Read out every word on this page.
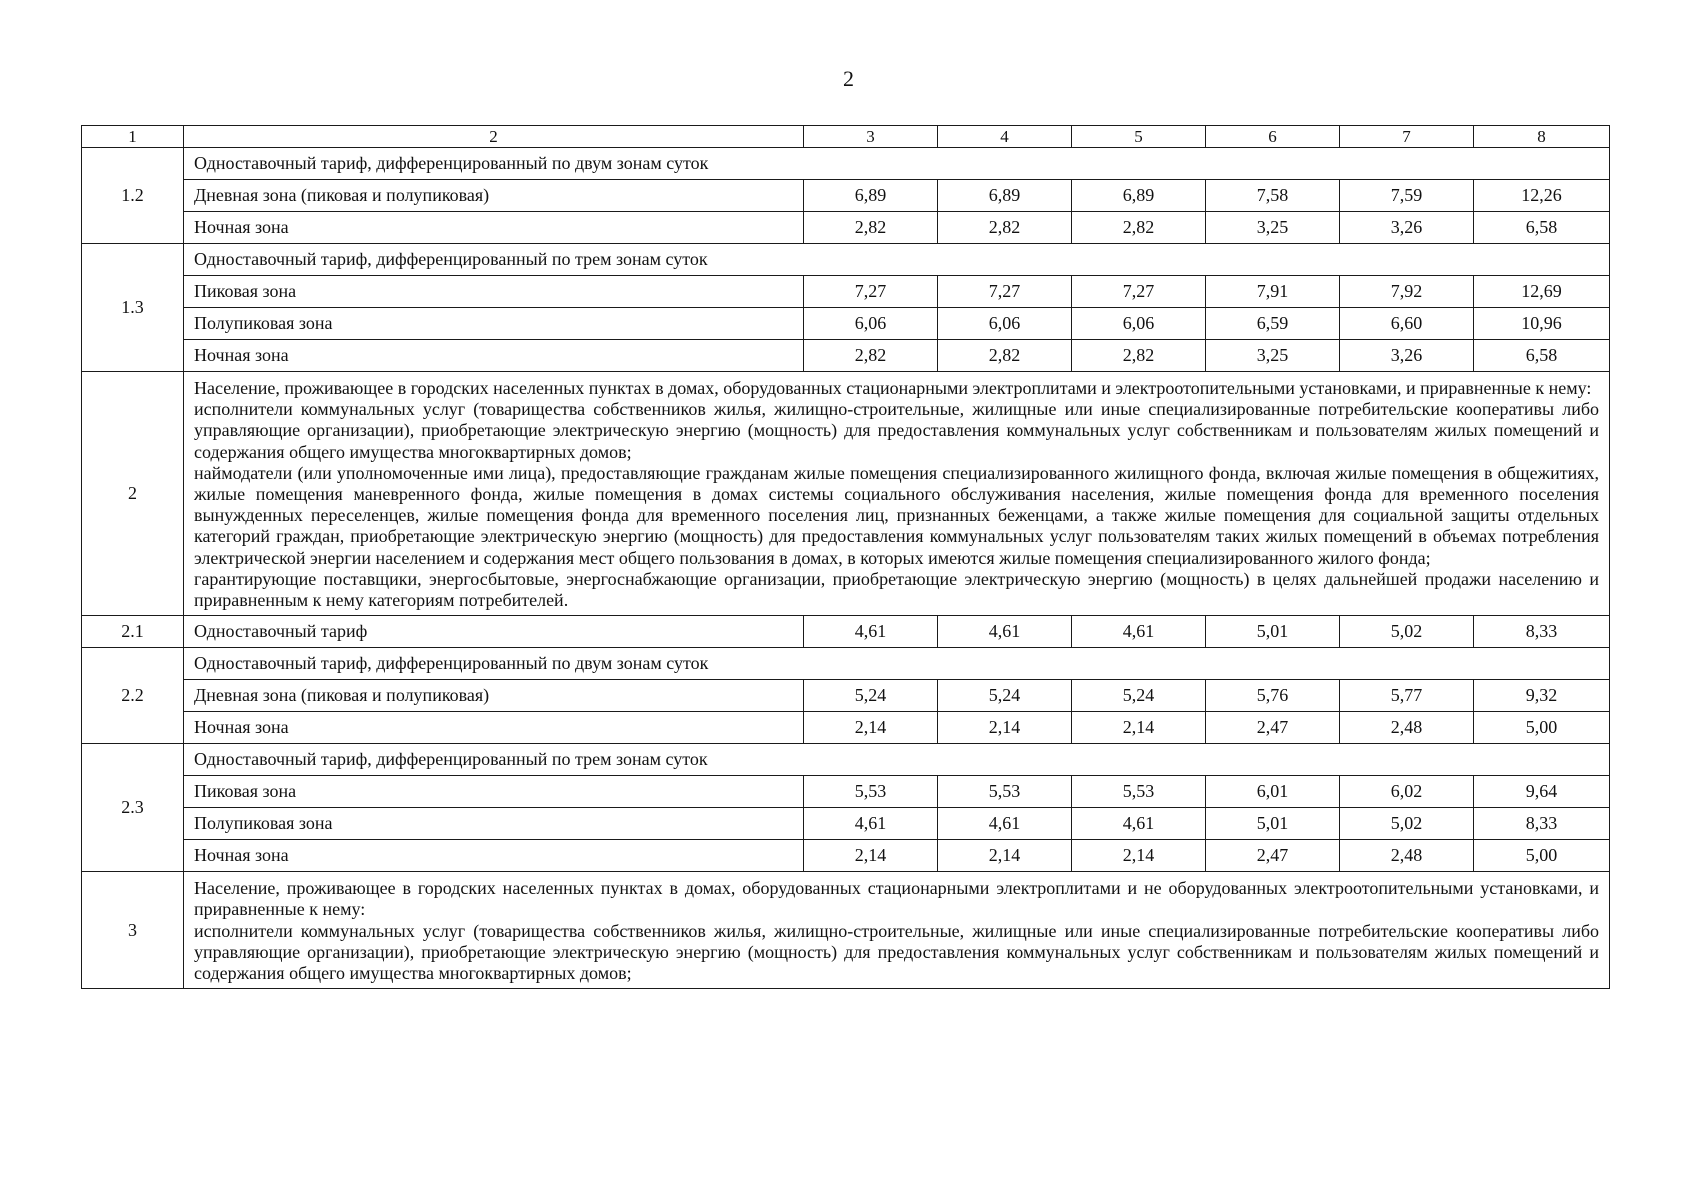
2
1	2	3	4	5	6	7	8
1.2	Одноставочный тариф, дифференцированный по двум зонам суток						
	Дневная зона (пиковая и полупиковая)	6,89	6,89	6,89	7,58	7,59	12,26
	Ночная зона	2,82	2,82	2,82	3,25	3,26	6,58
1.3	Одноставочный тариф, дифференцированный по трем зонам суток						
	Пиковая зона	7,27	7,27	7,27	7,91	7,92	12,69
	Полупиковая зона	6,06	6,06	6,06	6,59	6,60	10,96
	Ночная зона	2,82	2,82	2,82	3,25	3,26	6,58
2	Население, проживающее в городских населенных пунктах в домах, оборудованных стационарными электроплитами и электроотопительными установками, и приравненные к нему:
исполнители коммунальных услуг (товарищества собственников жилья, жилищно-строительные, жилищные или иные специализированные потребительские кооперативы либо управляющие организации), приобретающие электрическую энергию (мощность) для предоставления коммунальных услуг собственникам и пользователям жилых помещений и содержания общего имущества многоквартирных домов;
наймодатели (или уполномоченные ими лица), предоставляющие гражданам жилые помещения специализированного жилищного фонда, включая жилые помещения в общежитиях, жилые помещения маневренного фонда, жилые помещения в домах системы социального обслуживания населения, жилые помещения фонда для временного поселения вынужденных переселенцев, жилые помещения фонда для временного поселения лиц, признанных беженцами, а также жилые помещения для социальной защиты отдельных категорий граждан, приобретающие электрическую энергию (мощность) для предоставления коммунальных услуг пользователям таких жилых помещений в объемах потребления электрической энергии населением и содержания мест общего пользования в домах, в которых имеются жилые помещения специализированного жилого фонда;
гарантирующие поставщики, энергосбытовые, энергоснабжающие организации, приобретающие электрическую энергию (мощность) в целях дальнейшей продажи населению и приравненным к нему категориям потребителей.						

2.1	Одноставочный тариф	4,61	4,61	4,61	5,01	5,02	8,33
2.2	Одноставочный тариф, дифференцированный по двум зонам суток						
	Дневная зона (пиковая и полупиковая)	5,24	5,24	5,24	5,76	5,77	9,32
	Ночная зона	2,14	2,14	2,14	2,47	2,48	5,00
2.3	Одноставочный тариф, дифференцированный по трем зонам суток						
	Пиковая зона	5,53	5,53	5,53	6,01	6,02	9,64
	Полупиковая зона	4,61	4,61	4,61	5,01	5,02	8,33
	Ночная зона	2,14	2,14	2,14	2,47	2,48	5,00
3	Население, проживающее в городских населенных пунктах в домах, оборудованных стационарными электроплитами и не оборудованных электроотопительными установками, и приравненные к нему:
исполнители коммунальных услуг (товарищества собственников жилья, жилищно-строительные, жилищные или иные специализированные потребительские кооперативы либо управляющие организации), приобретающие электрическую энергию (мощность) для предоставления коммунальных услуг собственникам и пользователям жилых помещений и содержания общего имущества многоквартирных домов;						
